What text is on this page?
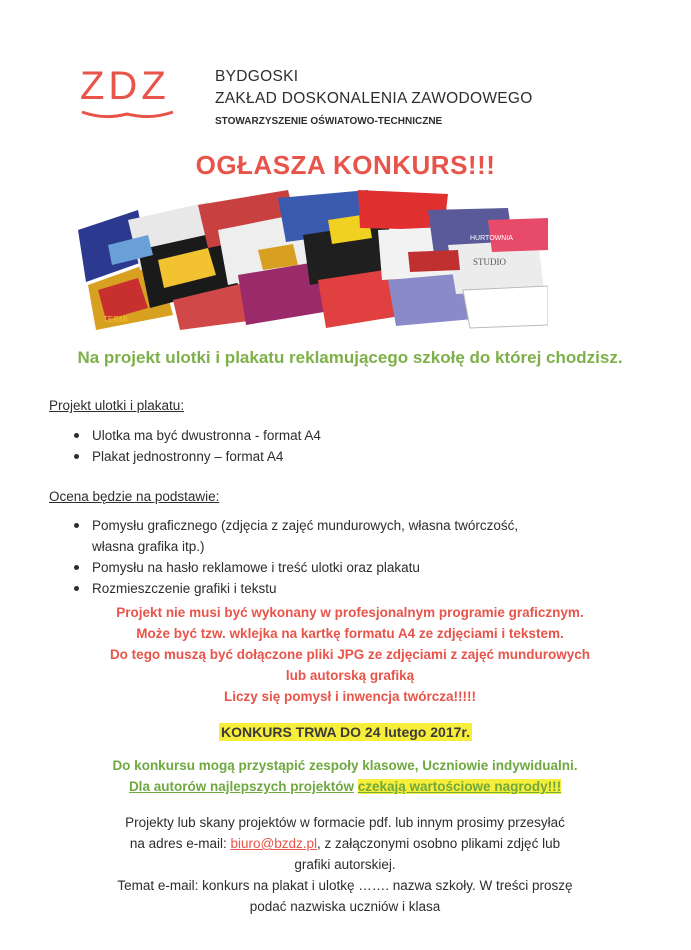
ZDZ	BYDGOSKI
ZAKŁAD DOSKONALENIA ZAWODOWEGO
STOWARZYSZENIE OŚWIATOWO-TECHNICZNE
OGŁASZA KONKURS!!!
STUDIO
HURTOWNIA
TERMI
Na projekt ulotki i plakatu reklamującego szkołę do której chodzisz.
Projekt ulotki i plakatu:
Ulotka ma być dwustronna - format A4
Plakat jednostronny – format A4
Ocena będzie na podstawie:
Pomysłu graficznego (zdjęcia z zajęć mundurowych, własna twórczość, własna grafika itp.)
Pomysłu na hasło reklamowe i treść ulotki oraz plakatu
Rozmieszczenie grafiki i tekstu
Projekt nie musi być wykonany w profesjonalnym programie graficznym.
Może być tzw. wklejka na kartkę formatu A4 ze zdjęciami i tekstem.
Do tego muszą być dołączone pliki JPG ze zdjęciami z zajęć mundurowych
lub autorską grafiką
Liczy się pomysł i inwencja twórcza!!!!!
KONKURS TRWA DO 24 lutego 2017r.
Do konkursu mogą przystąpić zespoły klasowe, Uczniowie indywidualni.
Dla autorów najlepszych projektów czekają wartościowe nagrody!!!
Projekty lub skany projektów w formacie pdf. lub innym prosimy przesyłać
na adres e-mail: biuro@bzdz.pl, z załączonymi osobno plikami zdjęć lub
grafiki autorskiej.
Temat e-mail: konkurs na plakat i ulotkę ……. nazwa szkoły. W treści proszę
podać nazwiska uczniów i klasa
